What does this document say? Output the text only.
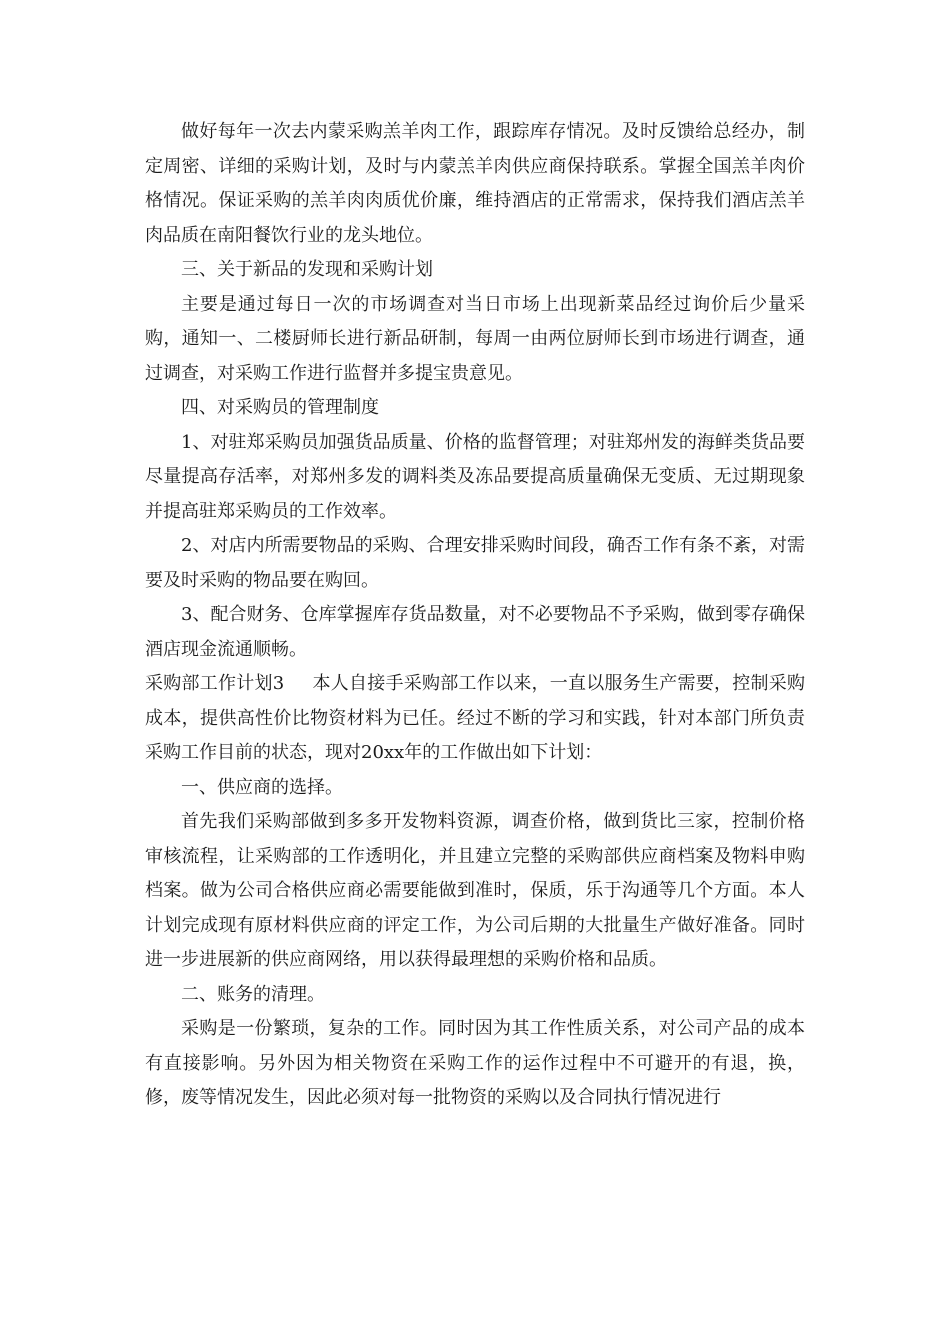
做好每年一次去内蒙采购羔羊肉工作，跟踪库存情况。及时反馈给总经办，制定周密、详细的采购计划，及时与内蒙羔羊肉供应商保持联系。掌握全国羔羊肉价格情况。保证采购的羔羊肉肉质优价廉，维持酒店的正常需求，保持我们酒店羔羊肉品质在南阳餐饮行业的龙头地位。

三、关于新品的发现和采购计划

主要是通过每日一次的市场调查对当日市场上出现新菜品经过询价后少量采购，通知一、二楼厨师长进行新品研制，每周一由两位厨师长到市场进行调查，通过调查，对采购工作进行监督并多提宝贵意见。

四、对采购员的管理制度

1、对驻郑采购员加强货品质量、价格的监督管理；对驻郑州发的海鲜类货品要尽量提高存活率，对郑州多发的调料类及冻品要提高质量确保无变质、无过期现象并提高驻郑采购员的工作效率。

2、对店内所需要物品的采购、合理安排采购时间段，确否工作有条不紊，对需要及时采购的物品要在购回。

3、配合财务、仓库掌握库存货品数量，对不必要物品不予采购，做到零存确保酒店现金流通顺畅。

采购部工作计划3 本人自接手采购部工作以来，一直以服务生产需要，控制采购成本，提供高性价比物资材料为已任。经过不断的学习和实践，针对本部门所负责采购工作目前的状态，现对20xx年的工作做出如下计划：

一、供应商的选择。

首先我们采购部做到多多开发物料资源，调查价格，做到货比三家，控制价格审核流程，让采购部的工作透明化，并且建立完整的采购部供应商档案及物料申购档案。做为公司合格供应商必需要能做到准时，保质，乐于沟通等几个方面。本人计划完成现有原材料供应商的评定工作，为公司后期的大批量生产做好准备。同时进一步进展新的供应商网络，用以获得最理想的采购价格和品质。

二、账务的清理。

采购是一份繁琐，复杂的工作。同时因为其工作性质关系，对公司产品的成本有直接影响。另外因为相关物资在采购工作的运作过程中不可避开的有退，换，修，废等情况发生，因此必须对每一批物资的采购以及合同执行情况进行
